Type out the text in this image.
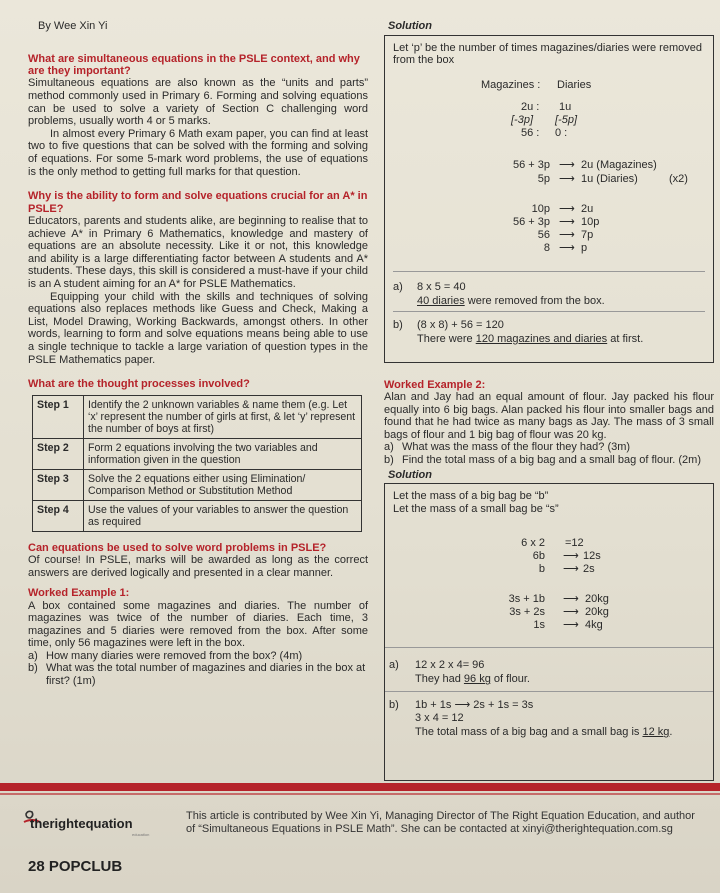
By Wee Xin Yi

What are simultaneous equations in the PSLE context, and why are they important?

Simultaneous equations are also known as the “units and parts” method commonly used in Primary 6. Forming and solving equations can be used to solve a variety of Section C challenging word problems, usually worth 4 or 5 marks.

In almost every Primary 6 Math exam paper, you can find at least two to five questions that can be solved with the forming and solving of equations. For some 5-mark word problems, the use of equations is the only method to getting full marks for that question.

Why is the ability to form and solve equations crucial for an A* in PSLE?

Educators, parents and students alike, are beginning to realise that to achieve A* in Primary 6 Mathematics, knowledge and mastery of equations are an absolute necessity. Like it or not, this knowledge and ability is a large differentiating factor between A students and A* students. These days, this skill is considered a must-have if your child is an A student aiming for an A* for PSLE Mathematics.

Equipping your child with the skills and techniques of solving equations also replaces methods like Guess and Check, Making a List, Model Drawing, Working Backwards, amongst others. In other words, learning to form and solve equations means being able to use a single technique to tackle a large variation of question types in the PSLE Mathematics paper.

What are the thought processes involved?

Step 1	Identify the 2 unknown variables & name them (e.g. Let ‘x’ represent the number of girls at first, & let ‘y’ represent the number of boys at first)
Step 2	Form 2 equations involving the two variables and information given in the question
Step 3	Solve the 2 equations either using Elimination/ Comparison Method or Substitution Method
Step 4	Use the values of your variables to answer the question as required

Can equations be used to solve word problems in PSLE?

Of course! In PSLE, marks will be awarded as long as the correct answers are derived logically and presented in a clear manner.

Worked Example 1:

A box contained some magazines and diaries. The number of magazines was twice of the number of diaries. Each time, 3 magazines and 5 diaries were removed from the box. After some time, only 56 magazines were left in the box.

a) How many diaries were removed from the box? (4m)
b) What was the total number of magazines and diaries in the box at first? (1m)
Solution
Let ‘p’ be the number of times magazines/diaries were removed from the box
Magazines : Diaries
2u : 1u
[-3p] [-5p]
56 : 0 :
56 + 3p ⟶ 2u (Magazines)
5p ⟶ 1u (Diaries)	(x2)
10p ⟶ 2u
56 + 3p ⟶ 10p
56 ⟶ 7p
8 ⟶ p
a) 8 x 5 = 40
40 diaries were removed from the box.
b) (8 x 8) + 56 = 120
There were 120 magazines and diaries at first.

Worked Example 2:

Alan and Jay had an equal amount of flour. Jay packed his flour equally into 6 big bags. Alan packed his flour into smaller bags and found that he had twice as many bags as Jay. The mass of 3 small bags of flour and 1 big bag of flour was 20 kg.

a) What was the mass of the flour they had? (3m)
b) Find the total mass of a big bag and a small bag of flour. (2m)
Solution
Let the mass of a big bag be “b”
Let the mass of a small bag be “s”
6 x 2 =12
6b ⟶ 12s
b ⟶ 2s
3s + 1b ⟶ 20kg
3s + 2s ⟶ 20kg
1s ⟶ 4kg
a) 12 x 2 x 4= 96
They had 96 kg of flour.
b) 1b + 1s ⟶ 2s + 1s = 3s
3 x 4 = 12
The total mass of a big bag and a small bag is 12 kg.
therightequation
education
This article is contributed by Wee Xin Yi, Managing Director of The Right Equation Education, and author of “Simultaneous Equations in PSLE Math”. She can be contacted at xinyi@therightequation.com.sg
28 POPCLUB
